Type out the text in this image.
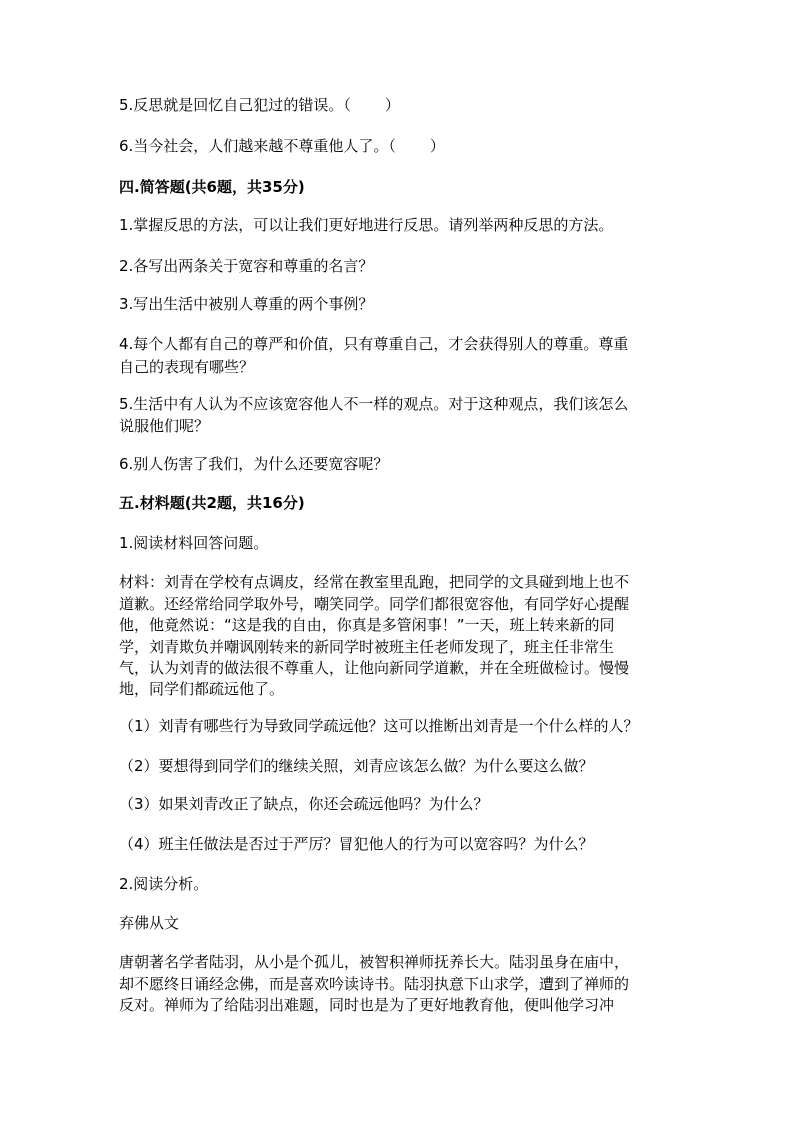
5.反思就是回忆自己犯过的错误。（ ）

6.当今社会，人们越来越不尊重他人了。（ ）

四.简答题(共6题，共35分)

1.掌握反思的方法，可以让我们更好地进行反思。请列举两种反思的方法。

2.各写出两条关于宽容和尊重的名言？

3.写出生活中被别人尊重的两个事例？

4.每个人都有自己的尊严和价值，只有尊重自己，才会获得别人的尊重。尊重

自己的表现有哪些？

5.生活中有人认为不应该宽容他人不一样的观点。对于这种观点，我们该怎么

说服他们呢？

6.别人伤害了我们，为什么还要宽容呢？

五.材料题(共2题，共16分)

1.阅读材料回答问题。

材料：刘青在学校有点调皮，经常在教室里乱跑，把同学的文具碰到地上也不

道歉。还经常给同学取外号，嘲笑同学。同学们都很宽容他，有同学好心提醒

他，他竟然说：“这是我的自由，你真是多管闲事！”一天，班上转来新的同

学，刘青欺负并嘲讽刚转来的新同学时被班主任老师发现了，班主任非常生

气，认为刘青的做法很不尊重人，让他向新同学道歉，并在全班做检讨。慢慢

地，同学们都疏远他了。

（1）刘青有哪些行为导致同学疏远他？这可以推断出刘青是一个什么样的人？

（2）要想得到同学们的继续关照，刘青应该怎么做？为什么要这么做？

（3）如果刘青改正了缺点，你还会疏远他吗？为什么？

（4）班主任做法是否过于严厉？冒犯他人的行为可以宽容吗？为什么？

2.阅读分析。

弃佛从文

唐朝著名学者陆羽，从小是个孤儿，被智积禅师抚养长大。陆羽虽身在庙中，

却不愿终日诵经念佛，而是喜欢吟读诗书。陆羽执意下山求学，遭到了禅师的

反对。禅师为了给陆羽出难题，同时也是为了更好地教育他，便叫他学习冲
